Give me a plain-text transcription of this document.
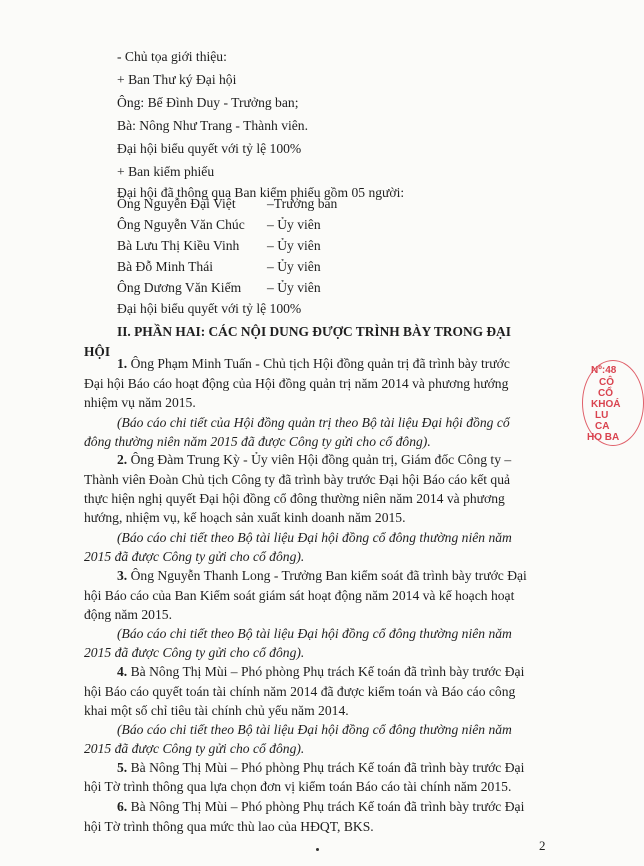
- Chủ tọa giới thiệu:
+ Ban Thư ký Đại hội
Ông: Bế Đình Duy - Trưởng ban;
Bà: Nông Như Trang - Thành viên.
Đại hội biểu quyết với tỷ lệ 100%
+ Ban kiểm phiếu
Đại hội đã thông qua Ban kiểm phiếu gồm 05 người:
Ông Nguyễn Đại Việt –Trưởng ban
Ông Nguyễn Văn Chúc – Ủy viên
Bà Lưu Thị Kiều Vinh – Ủy viên
Bà Đỗ Minh Thái	– Ủy viên
Ông Dương Văn Kiếm – Ủy viên
Đại hội biểu quyết với tỷ lệ 100%
II. PHẦN HAI: CÁC NỘI DUNG ĐƯỢC TRÌNH BÀY TRONG ĐẠI
HỘI
1. Ông Phạm Minh Tuấn - Chủ tịch Hội đồng quản trị đã trình bày trước
Đại hội Báo cáo hoạt động của Hội đồng quản trị năm 2014 và phương hướng
nhiệm vụ năm 2015.
(Báo cáo chi tiết của Hội đồng quản trị theo Bộ tài liệu Đại hội đồng cổ
đông thường niên năm 2015 đã được Công ty gửi cho cổ đông).
2. Ông Đàm Trung Kỳ - Ủy viên Hội đồng quản trị, Giám đốc Công ty –
Thành viên Đoàn Chủ tịch Công ty đã trình bày trước Đại hội Báo cáo kết quả
thực hiện nghị quyết Đại hội đồng cổ đông thường niên năm 2014 và phương
hướng, nhiệm vụ, kế hoạch sản xuất kinh doanh năm 2015.
(Báo cáo chi tiết theo Bộ tài liệu Đại hội đồng cổ đông thường niên năm
2015 đã được Công ty gửi cho cổ đông).
3. Ông Nguyễn Thanh Long - Trưởng Ban kiểm soát đã trình bày trước Đại
hội Báo cáo của Ban Kiểm soát giám sát hoạt động năm 2014 và kế hoạch hoạt
động năm 2015.
(Báo cáo chi tiết theo Bộ tài liệu Đại hội đồng cổ đông thường niên năm
2015 đã được Công ty gửi cho cổ đông).
4. Bà Nông Thị Mùi – Phó phòng Phụ trách Kế toán đã trình bày trước Đại
hội Báo cáo quyết toán tài chính năm 2014 đã được kiểm toán và Báo cáo công
khai một số chỉ tiêu tài chính chủ yếu năm 2014.
(Báo cáo chi tiết theo Bộ tài liệu Đại hội đồng cổ đông thường niên năm
2015 đã được Công ty gửi cho cổ đông).
5. Bà Nông Thị Mùi – Phó phòng Phụ trách Kế toán đã trình bày trước Đại
2
Nº:48
CÔ
CỔ
KHOÁ
LU
CA
HO BA
hội Tờ trình thông qua lựa chọn đơn vị kiểm toán Báo cáo tài chính năm 2015.
6. Bà Nông Thị Mùi – Phó phòng Phụ trách Kế toán đã trình bày trước Đại
hội Tờ trình thông qua mức thù lao của HĐQT, BKS.
